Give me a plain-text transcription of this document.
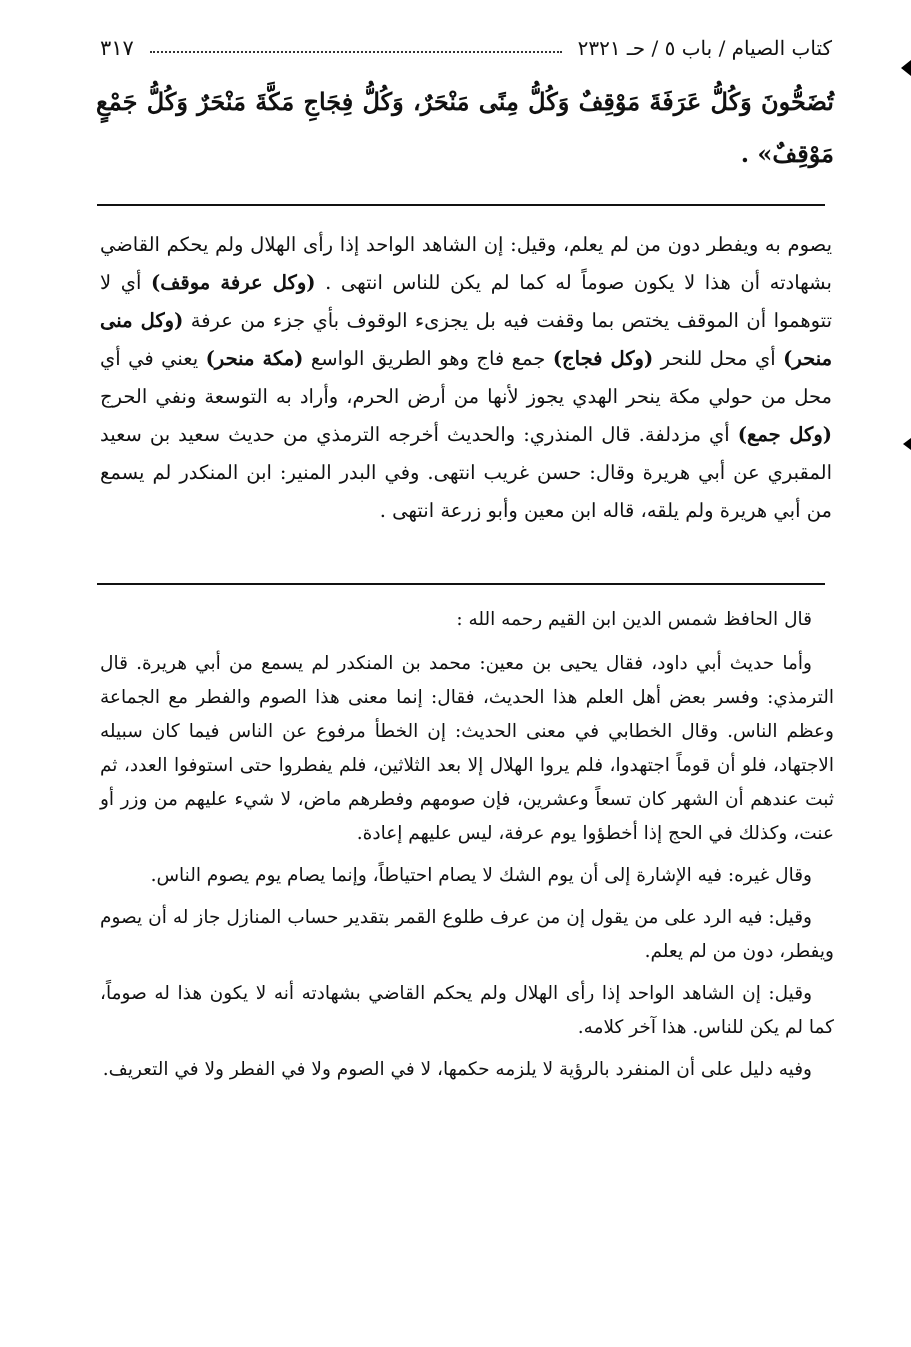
٣١٧	كتاب الصيام / باب ٥ / حـ ٢٣٢١
تُضَحُّونَ وَكُلُّ عَرَفَةَ مَوْقِفٌ وَكُلُّ مِنًى مَنْحَرٌ، وَكُلُّ فِجَاجِ مَكَّةَ مَنْحَرٌ وَكُلُّ جَمْعٍ مَوْقِفٌ» .
يصوم به ويفطر دون من لم يعلم، وقيل: إن الشاهد الواحد إذا رأى الهلال ولم يحكم القاضي بشهادته أن هذا لا يكون صوماً له كما لم يكن للناس انتهى . (وكل عرفة موقف) أي لا تتوهموا أن الموقف يختص بما وقفت فيه بل يجزىء الوقوف بأي جزء من عرفة (وكل منى منحر) أي محل للنحر (وكل فجاج) جمع فاج وهو الطريق الواسع (مكة منحر) يعني في أي محل من حولي مكة ينحر الهدي يجوز لأنها من أرض الحرم، وأراد به التوسعة ونفي الحرج (وكل جمع) أي مزدلفة. قال المنذري: والحديث أخرجه الترمذي من حديث سعيد بن سعيد المقبري عن أبي هريرة وقال: حسن غريب انتهى. وفي البدر المنير: ابن المنكدر لم يسمع من أبي هريرة ولم يلقه، قاله ابن معين وأبو زرعة انتهى .

قال الحافظ شمس الدين ابن القيم رحمه الله :

وأما حديث أبي داود، فقال يحيى بن معين: محمد بن المنكدر لم يسمع من أبي هريرة. قال الترمذي: وفسر بعض أهل العلم هذا الحديث، فقال: إنما معنى هذا الصوم والفطر مع الجماعة وعظم الناس. وقال الخطابي في معنى الحديث: إن الخطأ مرفوع عن الناس فيما كان سبيله الاجتهاد، فلو أن قوماً اجتهدوا، فلم يروا الهلال إلا بعد الثلاثين، فلم يفطروا حتى استوفوا العدد، ثم ثبت عندهم أن الشهر كان تسعاً وعشرين، فإن صومهم وفطرهم ماض، لا شيء عليهم من وزر أو عنت، وكذلك في الحج إذا أخطؤوا يوم عرفة، ليس عليهم إعادة.

وقال غيره: فيه الإشارة إلى أن يوم الشك لا يصام احتياطاً، وإنما يصام يوم يصوم الناس.

وقيل: فيه الرد على من يقول إن من عرف طلوع القمر بتقدير حساب المنازل جاز له أن يصوم ويفطر، دون من لم يعلم.

وقيل: إن الشاهد الواحد إذا رأى الهلال ولم يحكم القاضي بشهادته أنه لا يكون هذا له صوماً، كما لم يكن للناس. هذا آخر كلامه.

وفيه دليل على أن المنفرد بالرؤية لا يلزمه حكمها، لا في الصوم ولا في الفطر ولا في التعريف.
